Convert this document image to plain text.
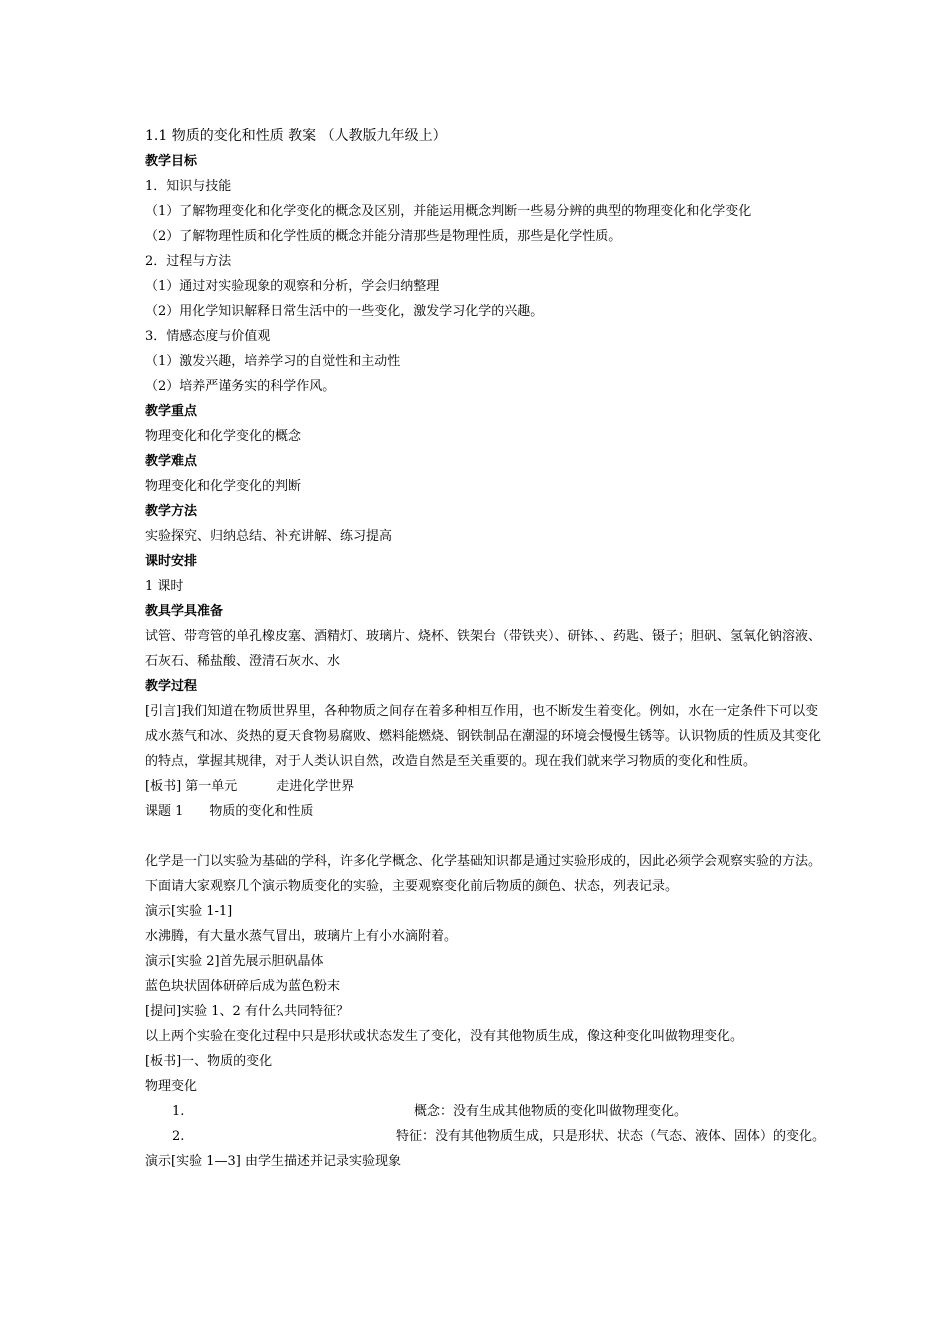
1.1 物质的变化和性质 教案 （人教版九年级上）
教学目标
1．知识与技能
（1）了解物理变化和化学变化的概念及区别，并能运用概念判断一些易分辨的典型的物理变化和化学变化
（2）了解物理性质和化学性质的概念并能分清那些是物理性质，那些是化学性质。
2．过程与方法
（1）通过对实验现象的观察和分析，学会归纳整理
（2）用化学知识解释日常生活中的一些变化，激发学习化学的兴趣。
3．情感态度与价值观
（1）激发兴趣，培养学习的自觉性和主动性
（2）培养严谨务实的科学作风。
教学重点
物理变化和化学变化的概念
教学难点
物理变化和化学变化的判断
教学方法
实验探究、归纳总结、补充讲解、练习提高
课时安排
1 课时
教具学具准备
试管、带弯管的单孔橡皮塞、酒精灯、玻璃片、烧杯、铁架台（带铁夹）、研钵、、药匙、镊子；胆矾、氢氧化钠溶液、石灰石、稀盐酸、澄清石灰水、水
教学过程
[引言]我们知道在物质世界里，各种物质之间存在着多种相互作用，也不断发生着变化。例如，水在一定条件下可以变成水蒸气和冰、炎热的夏天食物易腐败、燃料能燃烧、钢铁制品在潮湿的环境会慢慢生锈等。认识物质的性质及其变化的特点，掌握其规律，对于人类认识自然，改造自然是至关重要的。现在我们就来学习物质的变化和性质。
[板书] 第一单元　　　走进化学世界
课题 1　　物质的变化和性质
化学是一门以实验为基础的学科，许多化学概念、化学基础知识都是通过实验形成的，因此必须学会观察实验的方法。
下面请大家观察几个演示物质变化的实验，主要观察变化前后物质的颜色、状态，列表记录。
演示[实验 1-1]
水沸腾，有大量水蒸气冒出，玻璃片上有小水滴附着。
演示[实验 2]首先展示胆矾晶体
蓝色块状固体研碎后成为蓝色粉末
[提问]实验 1、2 有什么共同特征？
以上两个实验在变化过程中只是形状或状态发生了变化，没有其他物质生成，像这种变化叫做物理变化。
[板书]一、物质的变化
物理变化
1.	概念：没有生成其他物质的变化叫做物理变化。
2.	特征：没有其他物质生成，只是形状、状态（气态、液体、固体）的变化。
演示[实验 1—3] 由学生描述并记录实验现象
